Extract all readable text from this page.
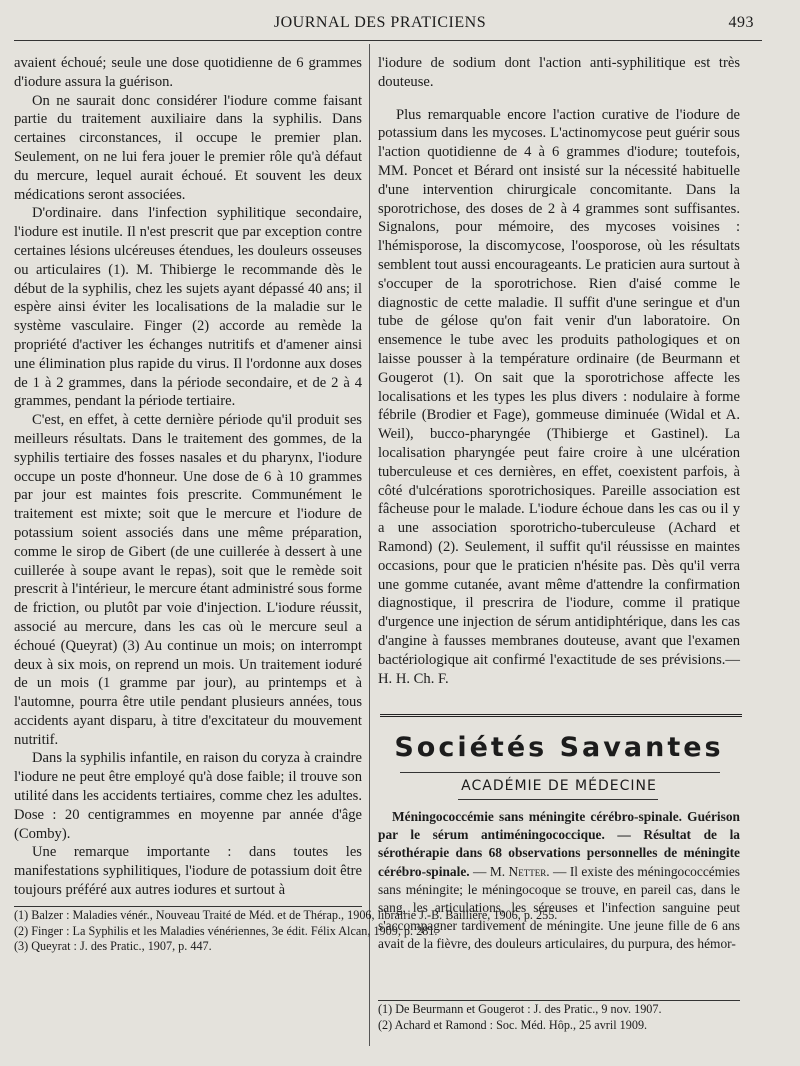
JOURNAL DES PRATICIENS	493

avaient échoué; seule une dose quotidienne de 6 grammes d'iodure assura la guérison.

On ne saurait donc considérer l'iodure comme faisant partie du traitement auxiliaire dans la syphilis. Dans certaines circonstances, il occupe le premier plan. Seulement, on ne lui fera jouer le premier rôle qu'à défaut du mercure, lequel aurait échoué. Et souvent les deux médications seront associées.

D'ordinaire. dans l'infection syphilitique secondaire, l'iodure est inutile. Il n'est prescrit que par exception contre certaines lésions ulcéreuses étendues, les douleurs osseuses ou articulaires (1). M. Thibierge le recommande dès le début de la syphilis, chez les sujets ayant dépassé 40 ans; il espère ainsi éviter les localisations de la maladie sur le système vasculaire. Finger (2) accorde au remède la propriété d'activer les échanges nutritifs et d'amener ainsi une élimination plus rapide du virus. Il l'ordonne aux doses de 1 à 2 grammes, dans la période secondaire, et de 2 à 4 grammes, pendant la période tertiaire.

C'est, en effet, à cette dernière période qu'il produit ses meilleurs résultats. Dans le traitement des gommes, de la syphilis tertiaire des fosses nasales et du pharynx, l'iodure occupe un poste d'honneur. Une dose de 6 à 10 grammes par jour est maintes fois prescrite. Communément le traitement est mixte; soit que le mercure et l'iodure de potassium soient associés dans une même préparation, comme le sirop de Gibert (de une cuillerée à dessert à une cuillerée à soupe avant le repas), soit que le remède soit prescrit à l'intérieur, le mercure étant administré sous forme de friction, ou plutôt par voie d'injection. L'iodure réussit, associé au mercure, dans les cas où le mercure seul a échoué (Queyrat) (3) Au continue un mois; on interrompt deux à six mois, on reprend un mois. Un traitement ioduré de un mois (1 gramme par jour), au printemps et à l'automne, pourra être utile pendant plusieurs années, tous accidents ayant disparu, à titre d'excitateur du mouvement nutritif.

Dans la syphilis infantile, en raison du coryza à craindre l'iodure ne peut être employé qu'à dose faible; il trouve son utilité dans les accidents tertiaires, comme chez les adultes. Dose : 20 centigrammes en moyenne par année d'âge (Comby).

Une remarque importante : dans toutes les manifestations syphilitiques, l'iodure de potassium doit être toujours préféré aux autres iodures et surtout à

(1) Balzer : Maladies vénér., Nouveau Traité de Méd. et de Thérap., 1906, librairie J.-B. Baillière, 1906, p. 255.
(2) Finger : La Syphilis et les Maladies vénériennes, 3e édit. Félix Alcan, 1909, p. 281.
(3) Queyrat : J. des Pratic., 1907, p. 447.

l'iodure de sodium dont l'action anti-syphilitique est très douteuse.

Plus remarquable encore l'action curative de l'iodure de potassium dans les mycoses. L'actinomycose peut guérir sous l'action quotidienne de 4 à 6 grammes d'iodure; toutefois, MM. Poncet et Bérard ont insisté sur la nécessité habituelle d'une intervention chirurgicale concomitante. Dans la sporotrichose, des doses de 2 à 4 grammes sont suffisantes. Signalons, pour mémoire, des mycoses voisines : l'hémisporose, la discomycose, l'oosporose, où les résultats semblent tout aussi encourageants. Le praticien aura surtout à s'occuper de la sporotrichose. Rien d'aisé comme le diagnostic de cette maladie. Il suffit d'une seringue et d'un tube de gélose qu'on fait venir d'un laboratoire. On ensemence le tube avec les produits pathologiques et on laisse pousser à la température ordinaire (de Beurmann et Gougerot (1). On sait que la sporotrichose affecte les localisations et les types les plus divers : nodulaire à forme fébrile (Brodier et Fage), gommeuse diminuée (Widal et A. Weil), bucco-pharyngée (Thibierge et Gastinel). La localisation pharyngée peut faire croire à une ulcération tuberculeuse et ces dernières, en effet, coexistent parfois, à côté d'ulcérations sporotrichosiques. Pareille association est fâcheuse pour le malade. L'iodure échoue dans les cas ou il y a une association sporotricho-tuberculeuse (Achard et Ramond) (2). Seulement, il suffit qu'il réussisse en maintes occasions, pour que le praticien n'hésite pas. Dès qu'il verra une gomme cutanée, avant même d'attendre la confirmation diagnostique, il prescrira de l'iodure, comme il pratique d'urgence une injection de sérum antidiphtérique, dans les cas d'angine à fausses membranes douteuse, avant que l'examen bactériologique ait confirmé l'exactitude de ses prévisions.— H. H. Ch. F.

Sociétés Savantes
ACADÉMIE DE MÉDECINE

Méningococcémie sans méningite cérébro-spinale. Guérison par le sérum antiméningococcique. — Résultat de la sérothérapie dans 68 observations personnelles de méningite cérébro-spinale. — M. Netter. — Il existe des méningococcémies sans méningite; le méningocoque se trouve, en pareil cas, dans le sang, les articulations, les séreuses et l'infection sanguine peut s'accompagner tardivement de méningite. Une jeune fille de 6 ans avait de la fièvre, des douleurs articulaires, du purpura, des hémor-

(1) De Beurmann et Gougerot : J. des Pratic., 9 nov. 1907.
(2) Achard et Ramond : Soc. Méd. Hôp., 25 avril 1909.
